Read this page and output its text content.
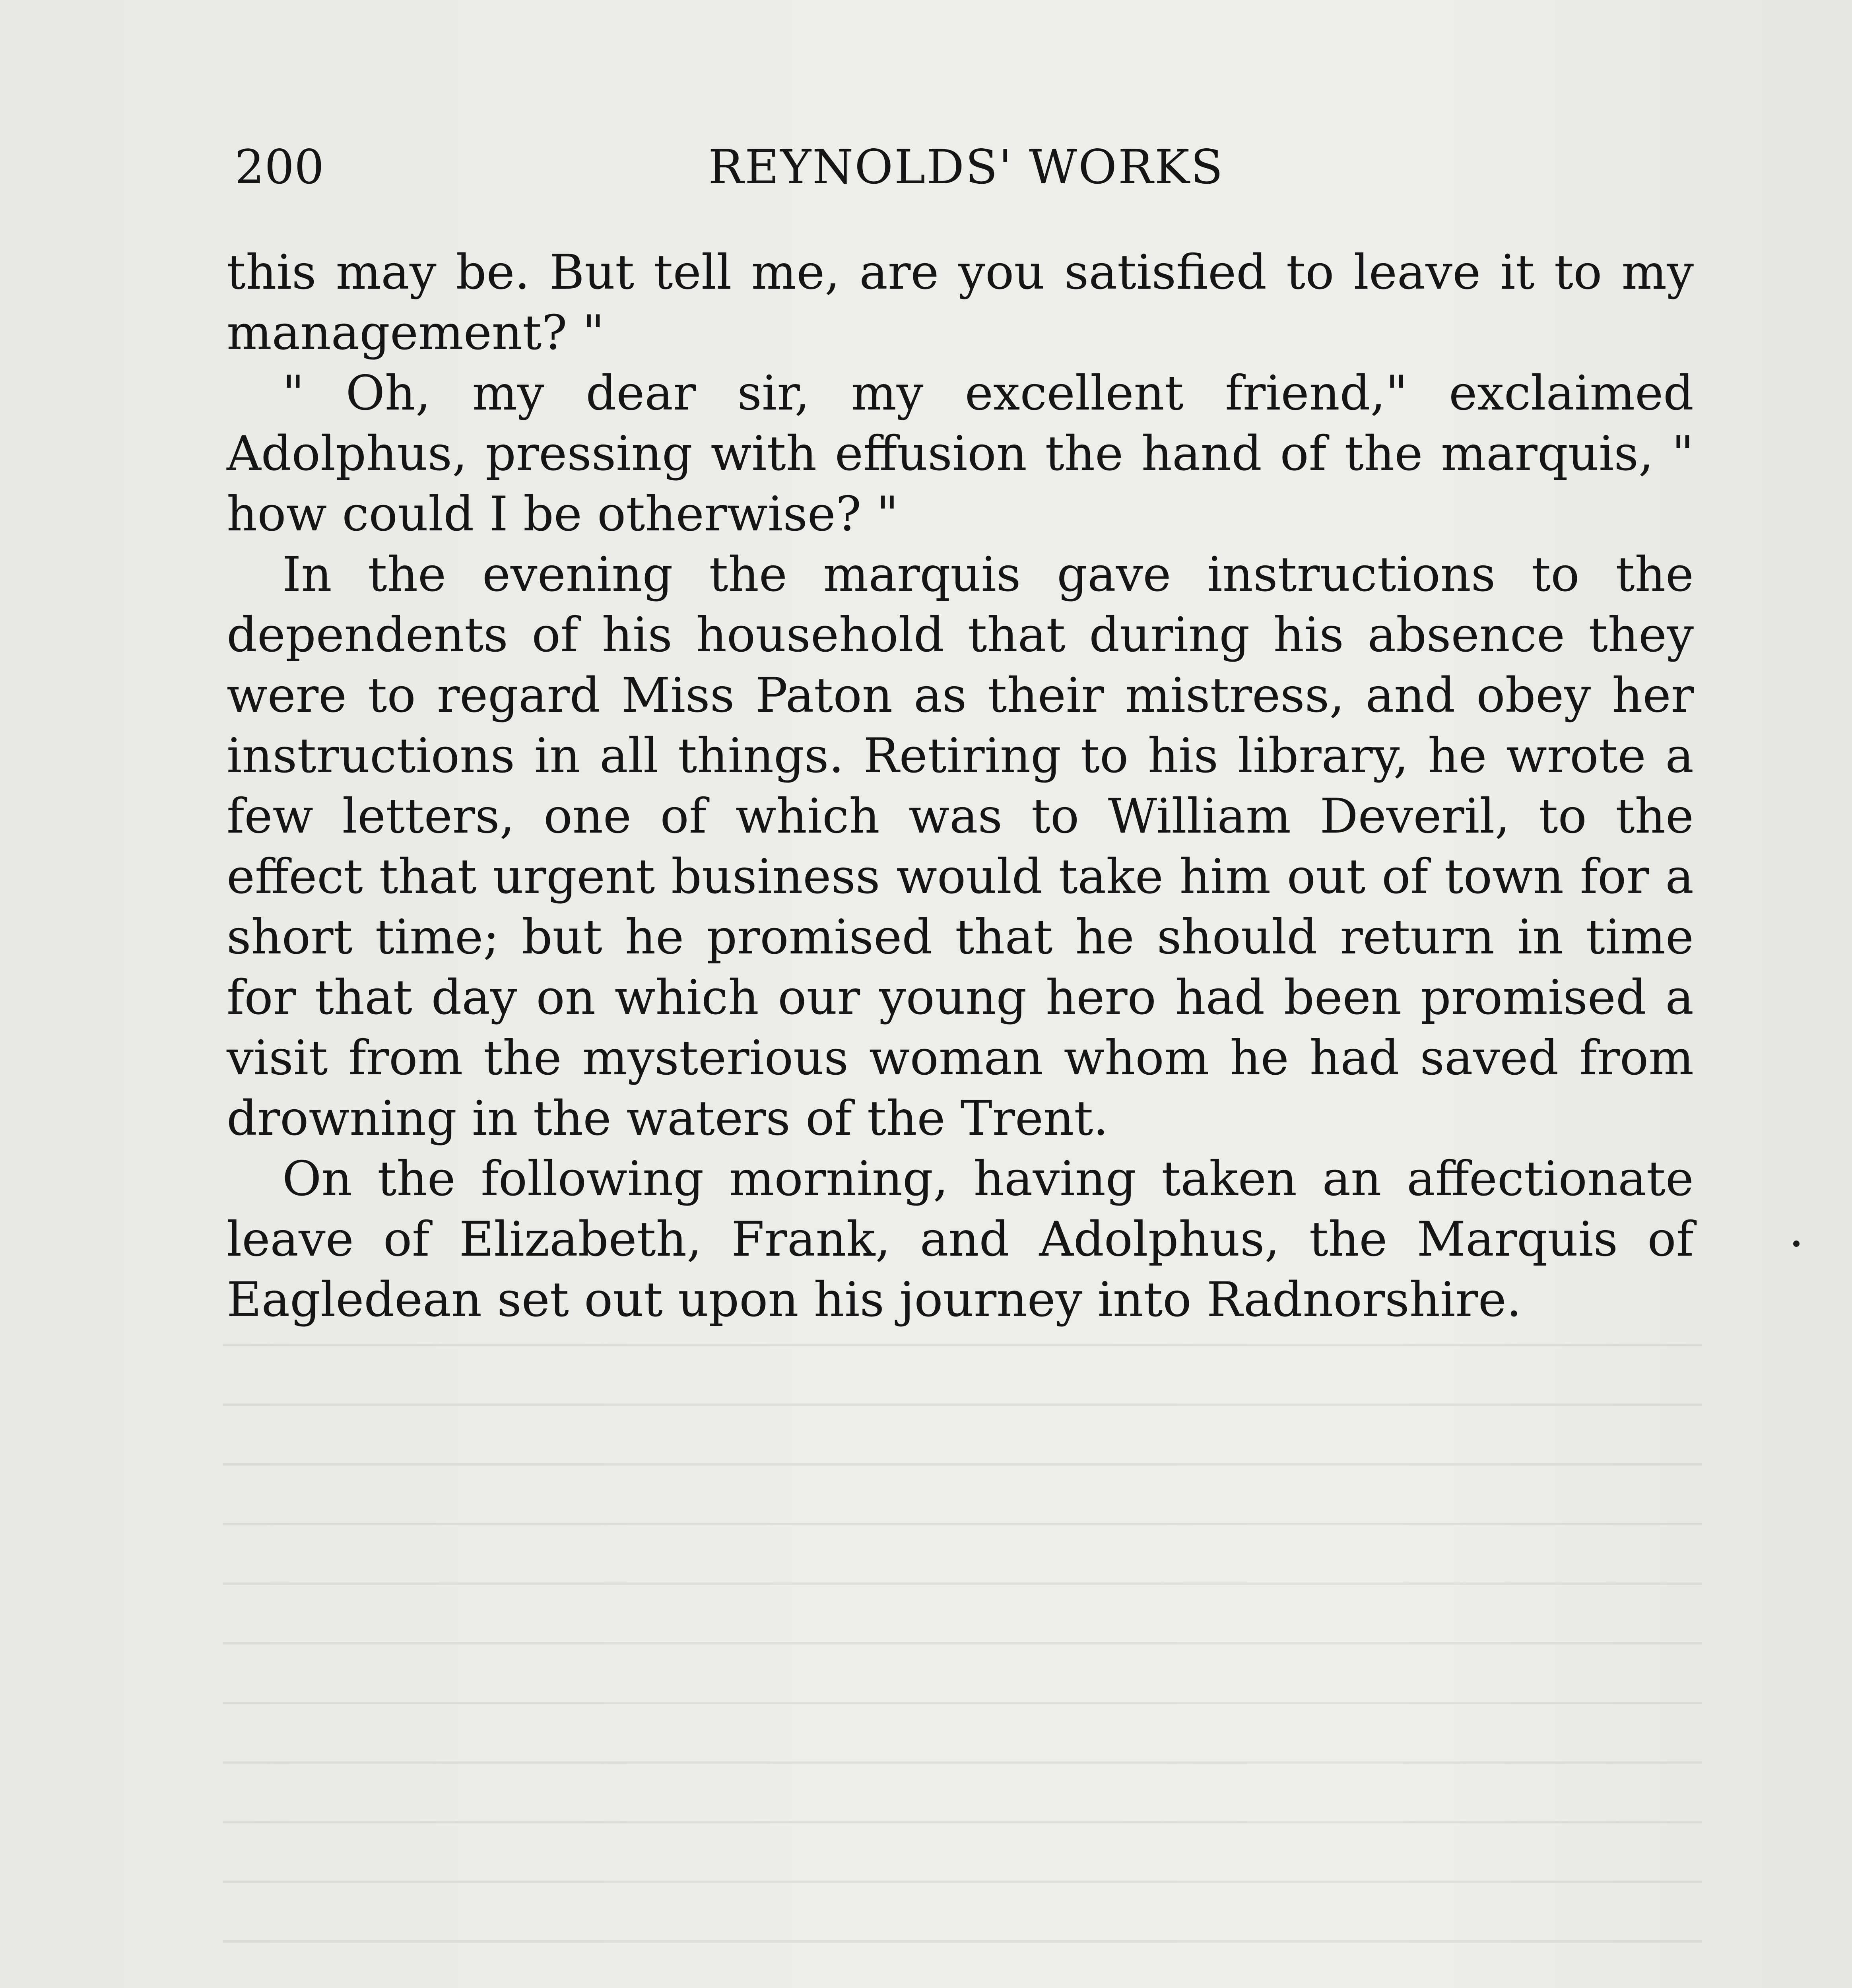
200	REYNOLDS' WORKS

this may be. But tell me, are you satisfied to leave it to my management? "

" Oh, my dear sir, my excellent friend," exclaimed Adolphus, pressing with effusion the hand of the marquis, " how could I be otherwise? "

In the evening the marquis gave instructions to the dependents of his household that during his absence they were to regard Miss Paton as their mistress, and obey her instructions in all things. Retiring to his library, he wrote a few letters, one of which was to William Deveril, to the effect that urgent business would take him out of town for a short time; but he promised that he should return in time for that day on which our young hero had been promised a visit from the mysterious woman whom he had saved from drowning in the waters of the Trent.

On the following morning, having taken an affectionate leave of Elizabeth, Frank, and Adolphus, the Marquis of Eagledean set out upon his journey into Radnorshire.
